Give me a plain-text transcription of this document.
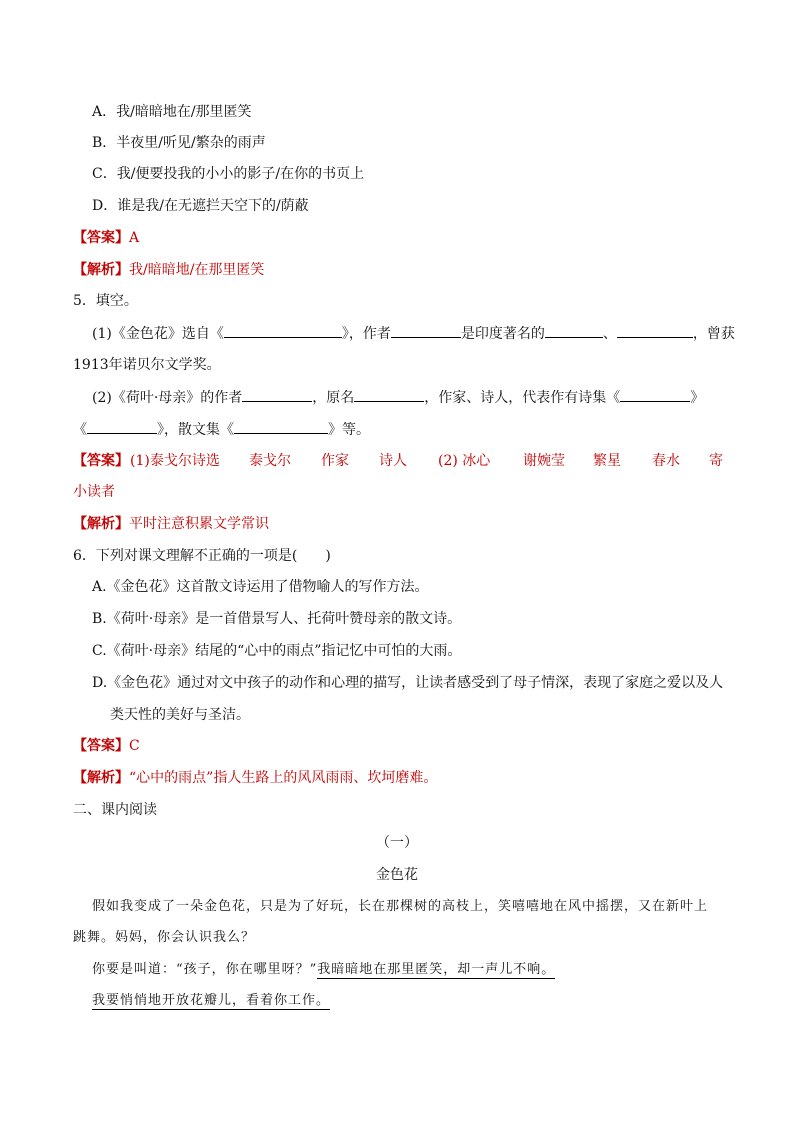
A．我/暗暗地在/那里匿笑
B．半夜里/听见/繁杂的雨声
C．我/便要投我的小小的影子/在你的书页上
D．谁是我/在无遮拦天空下的/荫蔽
【答案】A
【解析】我/暗暗地/在那里匿笑
5．填空。
(1)《金色花》选自《	》，作者	是印度著名的	、	，曾获
1913年诺贝尔文学奖。
(2)《荷叶·母亲》的作者	，原名	，作家、诗人，代表作有诗集《	》
《	》，散文集《	》等。
【答案】 (1)泰戈尔诗选 泰戈尔 作家 诗人 (2) 冰心 谢婉莹 繁星 春水 寄
小读者
【解析】平时注意积累文学常识
6．下列对课文理解不正确的一项是(　　)
A.《金色花》这首散文诗运用了借物喻人的写作方法。
B.《荷叶·母亲》是一首借景写人、托荷叶赞母亲的散文诗。
C.《荷叶·母亲》结尾的“心中的雨点”指记忆中可怕的大雨。
D.《金色花》通过对文中孩子的动作和心理的描写，让读者感受到了母子情深，表现了家庭之爱以及人
类天性的美好与圣洁。
【答案】C
【解析】“心中的雨点”指人生路上的风风雨雨、坎坷磨难。
二、课内阅读
（一）
金色花
假如我变成了一朵金色花，只是为了好玩，长在那棵树的高枝上，笑嘻嘻地在风中摇摆，又在新叶上
跳舞。妈妈，你会认识我么？
你要是叫道：“孩子，你在哪里呀？”我暗暗地在那里匿笑，却一声儿不响。
我要悄悄地开放花瓣儿，看着你工作。
